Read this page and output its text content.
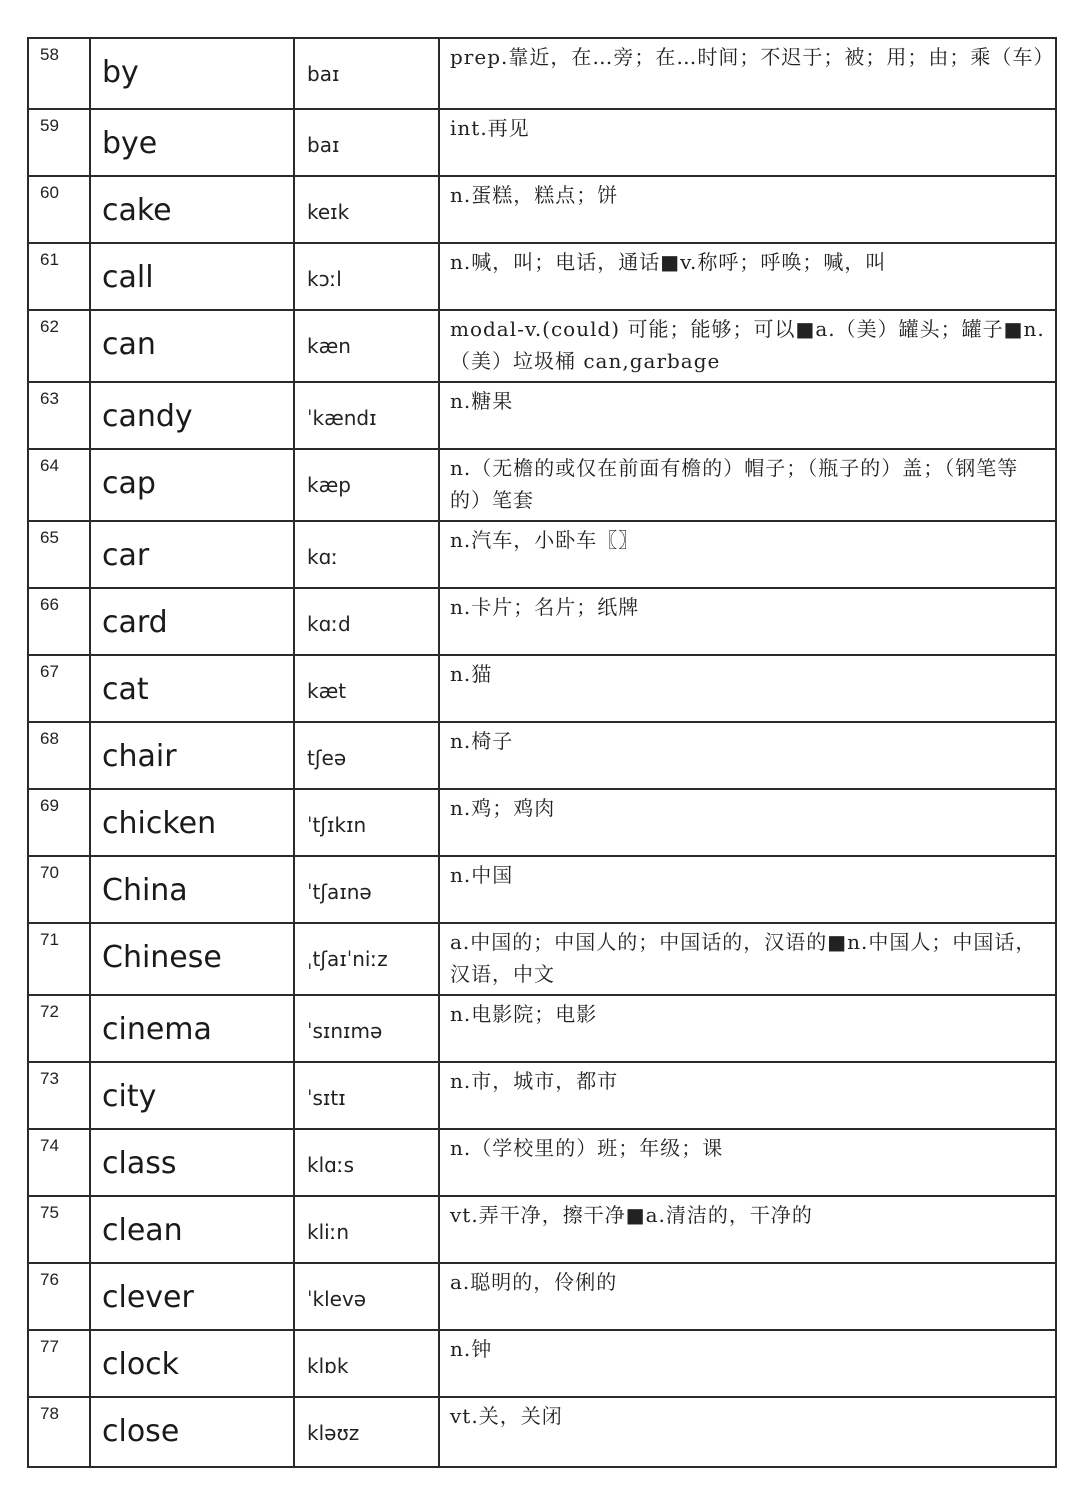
58	by	baɪ	prep.靠近，在…旁；在…时间；不迟于；被；用；由；乘（车）
59	bye	baɪ	int.再见
60	cake	keɪk	n.蛋糕，糕点；饼
61	call	kɔːl	n.喊，叫；电话，通话■v.称呼；呼唤；喊，叫
62	can	kæn	modal-v.(could) 可能；能够；可以■a.（美）罐头；罐子■n.（美）垃圾桶 can,garbage
63	candy	ˈkændɪ	n.糖果
64	cap	kæp	n.（无檐的或仅在前面有檐的）帽子；（瓶子的）盖；（钢笔等的）笔套
65	car	kɑː	n.汽车，小卧车〖〗
66	card	kɑːd	n.卡片；名片；纸牌
67	cat	kæt	n.猫
68	chair	tʃeə	n.椅子
69	chicken	ˈtʃɪkɪn	n.鸡；鸡肉
70	China	ˈtʃaɪnə	n.中国
71	Chinese	ˌtʃaɪˈniːz	a.中国的；中国人的；中国话的，汉语的■n.中国人；中国话，汉语，中文
72	cinema	ˈsɪnɪmə	n.电影院；电影
73	city	ˈsɪtɪ	n.市，城市，都市
74	class	klɑːs	n.（学校里的）班；年级；课
75	clean	kliːn	vt.弄干净，擦干净■a.清洁的，干净的
76	clever	ˈklevə	a.聪明的，伶俐的
77	clock	klɒk	n.钟
78	close	kləʊz	vt.关，关闭
